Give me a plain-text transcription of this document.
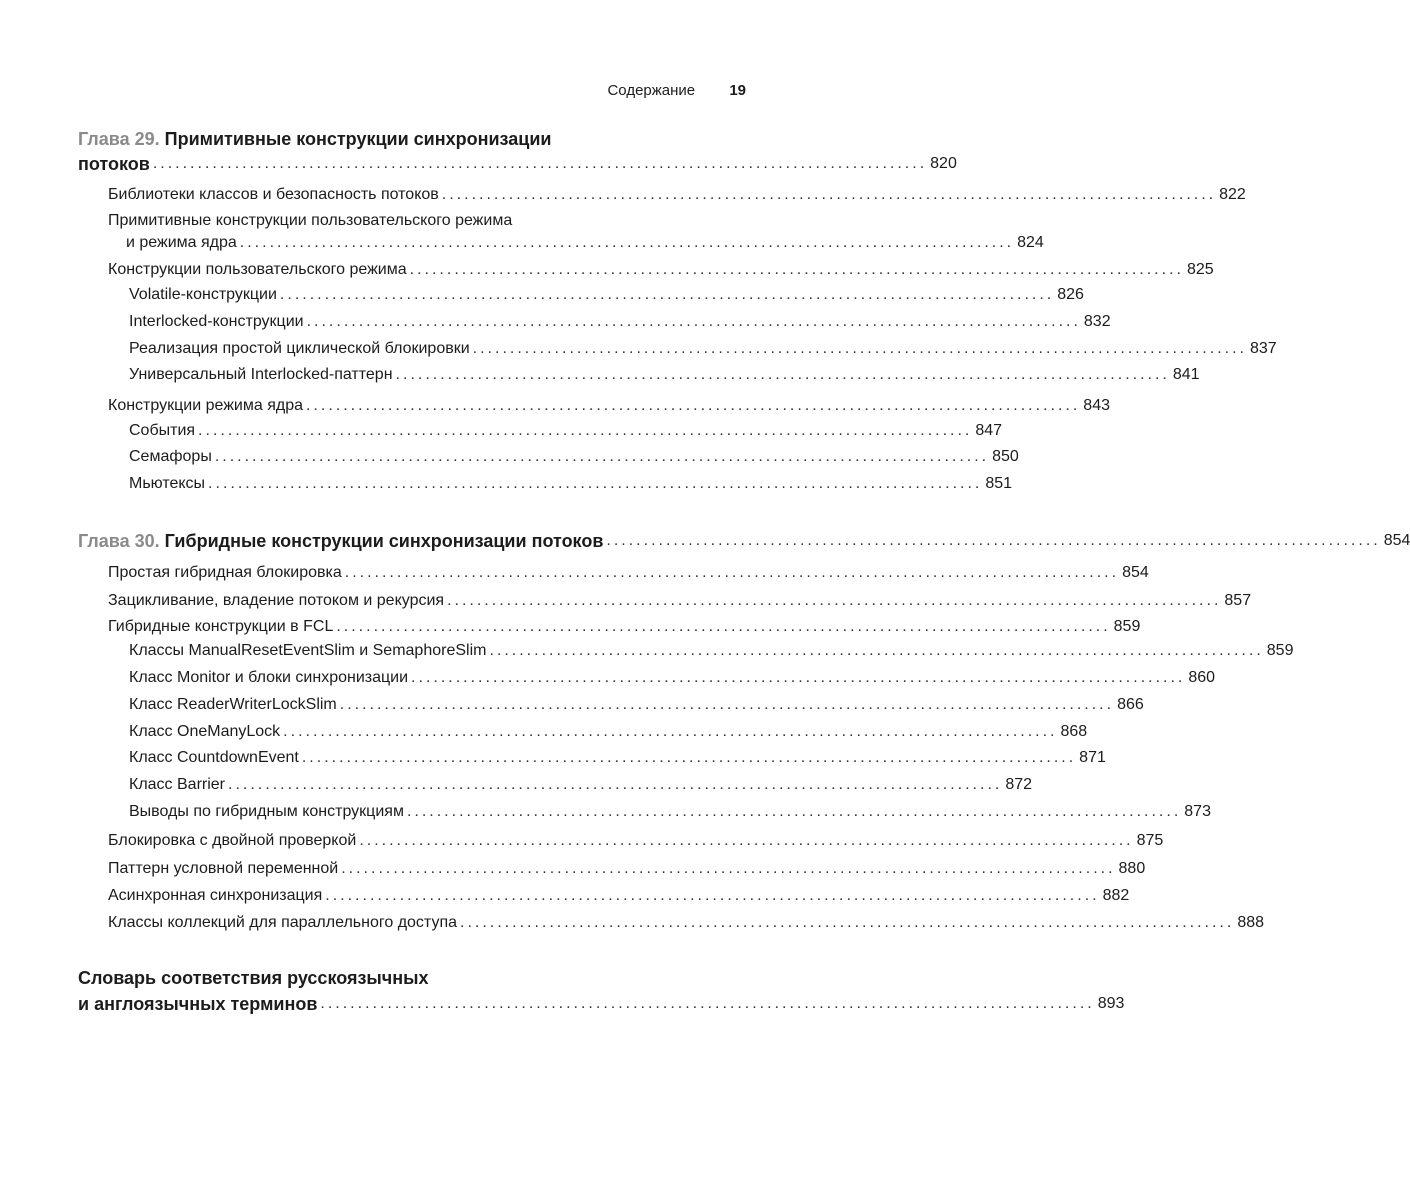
Содержание 19
Глава 29. Примитивные конструкции синхронизации
потоков ........................................................................................................ 820
Библиотеки классов и безопасность потоков ........................................................................................................ 822
Примитивные конструкции пользовательского режима
и режима ядра ........................................................................................................ 824
Конструкции пользовательского режима ........................................................................................................ 825
Volatile-конструкции ........................................................................................................ 826
Interlocked-конструкции ........................................................................................................ 832
Реализация простой циклической блокировки ........................................................................................................ 837
Универсальный Interlocked-паттерн ........................................................................................................ 841
Конструкции режима ядра ........................................................................................................ 843
События ........................................................................................................ 847
Семафоры ........................................................................................................ 850
Мьютексы ........................................................................................................ 851
Глава 30. Гибридные конструкции синхронизации потоков ........................................................................................................ 854
Простая гибридная блокировка ........................................................................................................ 854
Зацикливание, владение потоком и рекурсия ........................................................................................................ 857
Гибридные конструкции в FCL ........................................................................................................ 859
Классы ManualResetEventSlim и SemaphoreSlim ........................................................................................................ 859
Класс Monitor и блоки синхронизации ........................................................................................................ 860
Класс ReaderWriterLockSlim ........................................................................................................ 866
Класс OneManyLock ........................................................................................................ 868
Класс CountdownEvent ........................................................................................................ 871
Класс Barrier ........................................................................................................ 872
Выводы по гибридным конструкциям ........................................................................................................ 873
Блокировка с двойной проверкой ........................................................................................................ 875
Паттерн условной переменной ........................................................................................................ 880
Асинхронная синхронизация ........................................................................................................ 882
Классы коллекций для параллельного доступа ........................................................................................................ 888
Словарь соответствия русскоязычных
и англоязычных терминов ........................................................................................................ 893
